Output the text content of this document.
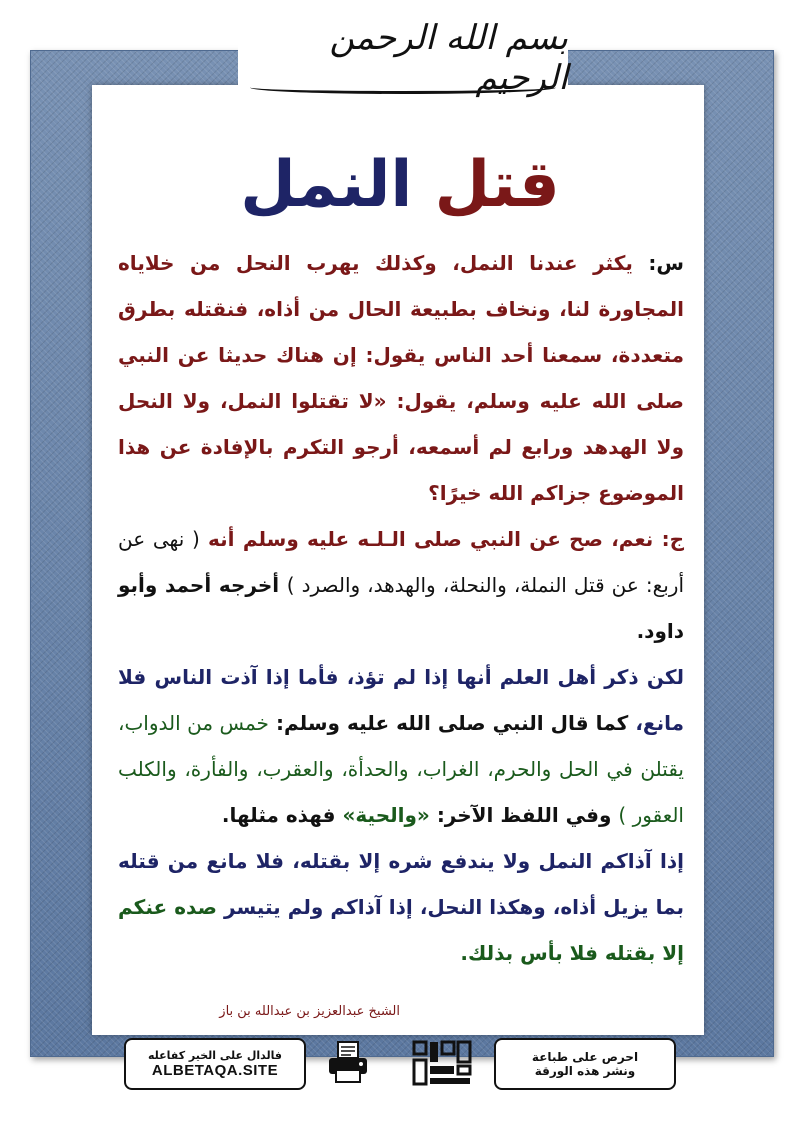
بسم الله الرحمن الرحيم
قتل النمل

س: يكثر عندنا النمل، وكذلك يهرب النحل من خلاياه المجاورة لنا، ونخاف بطبيعة الحال من أذاه، فنقتله بطرق متعددة، سمعنا أحد الناس يقول: إن هناك حديثا عن النبي صلى الله عليه وسلم، يقول: «لا تقتلوا النمل، ولا النحل ولا الهدهد ورابع لم أسمعه، أرجو التكرم بالإفادة عن هذا الموضوع جزاكم الله خيرًا؟

ج: نعم، صح عن النبي صلى الـلـه عليه وسلم أنه ( نهى عن أربع: عن قتل النملة، والنحلة، والهدهد، والصرد ) أخرجه أحمد وأبو داود.

لكن ذكر أهل العلم أنها إذا لم تؤذ، فأما إذا آذت الناس فلا مانع، كما قال النبي صلى الله عليه وسلم: خمس من الدواب، يقتلن في الحل والحرم، الغراب، والحدأة، والعقرب، والفأرة، والكلب العقور ) وفي اللفظ الآخر: «والحية» فهذه مثلها.

إذا آذاكم النمل ولا يندفع شره إلا بقتله، فلا مانع من قتله بما يزيل أذاه، وهكذا النحل، إذا آذاكم ولم يتيسر صده عنكم إلا بقتله فلا بأس بذلك.

الشيخ عبدالعزيز بن عبدالله بن باز
فالدال على الخير كفاعله
ALBETAQA.SITE
احرص على طباعة
ونشر هذه الورقة
